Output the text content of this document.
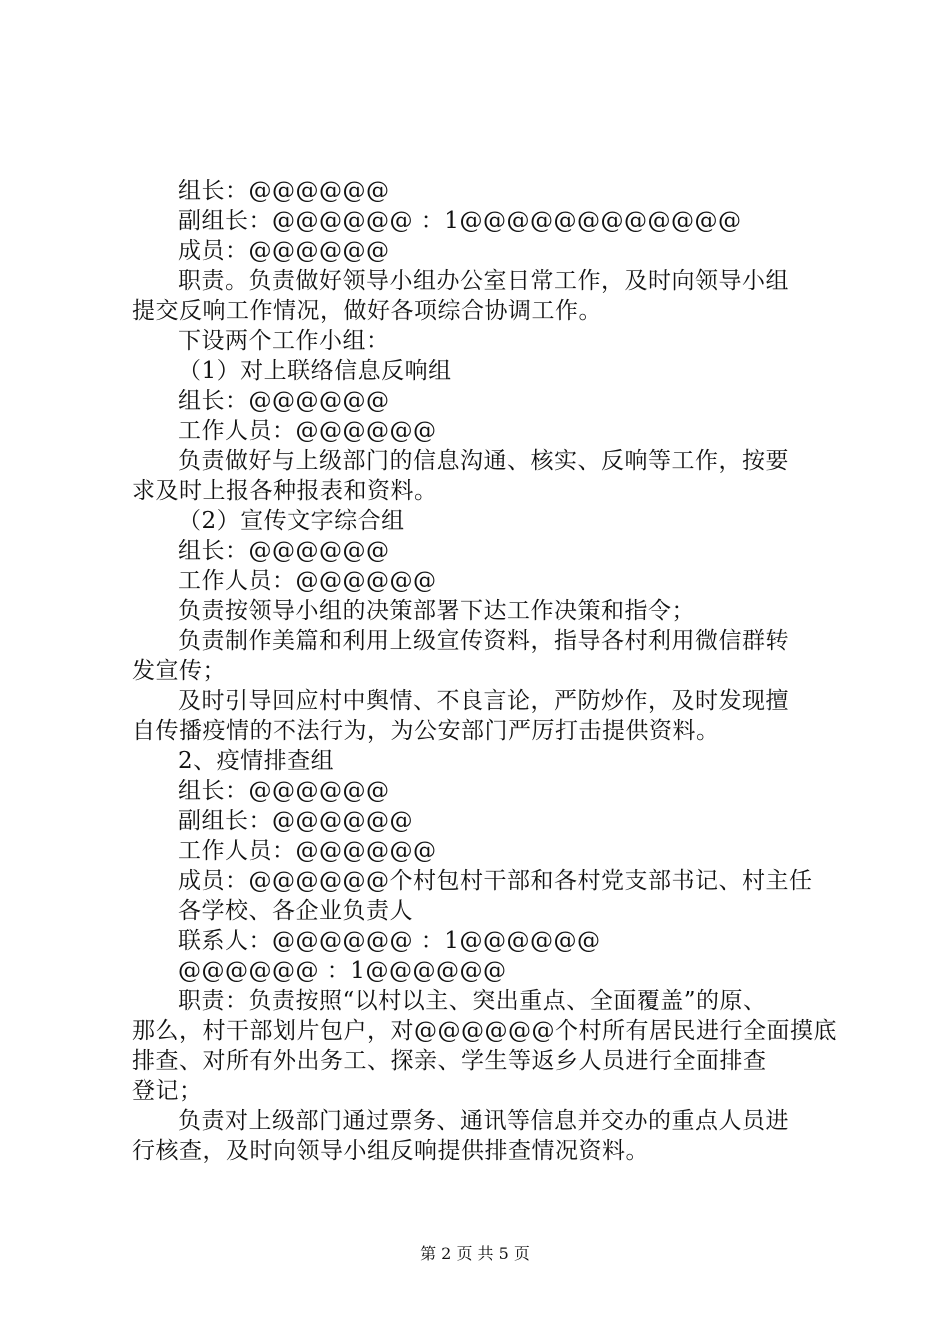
组长：@@@@@@
副组长：@@@@@@ ：1@@@@@@@@@@@@
成员：@@@@@@
职责。负责做好领导小组办公室日常工作，及时向领导小组
提交反响工作情况，做好各项综合协调工作。
下设两个工作小组：
（1）对上联络信息反响组
组长：@@@@@@
工作人员：@@@@@@
负责做好与上级部门的信息沟通、核实、反响等工作，按要
求及时上报各种报表和资料。
（2）宣传文字综合组
组长：@@@@@@
工作人员：@@@@@@
负责按领导小组的决策部署下达工作决策和指令；
负责制作美篇和利用上级宣传资料，指导各村利用微信群转
发宣传；
及时引导回应村中舆情、不良言论，严防炒作，及时发现擅
自传播疫情的不法行为，为公安部门严厉打击提供资料。
2、疫情排查组
组长：@@@@@@
副组长：@@@@@@
工作人员：@@@@@@
成员：@@@@@@个村包村干部和各村党支部书记、村主任
各学校、各企业负责人
联系人：@@@@@@ ：1@@@@@@
@@@@@@ ：1@@@@@@
职责：负责按照“以村以主、突出重点、全面覆盖”的原、
那么，村干部划片包户，对@@@@@@个村所有居民进行全面摸底
排查、对所有外出务工、探亲、学生等返乡人员进行全面排查
登记；
负责对上级部门通过票务、通讯等信息并交办的重点人员进
行核查，及时向领导小组反响提供排查情况资料。
第 2 页 共 5 页
